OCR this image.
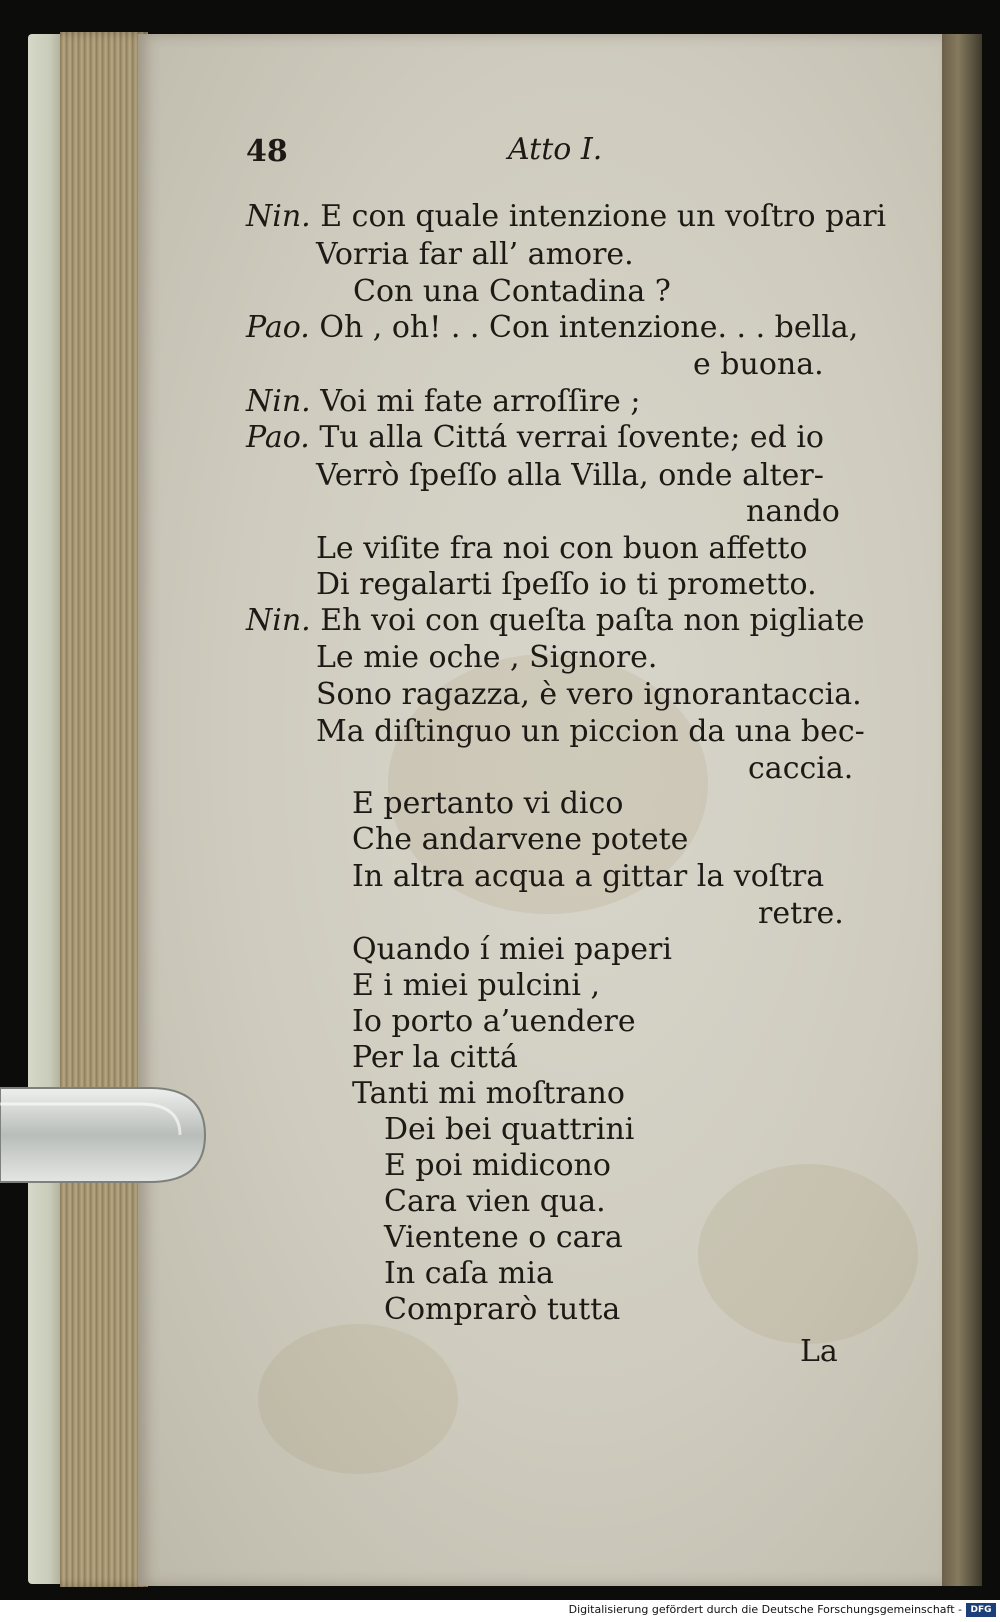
48	Atto I.
Nin. E con quale intenzione un voſtro pari
Vorria far all’ amore.
Con una Contadina ?
Pao. Oh , oh! . . Con intenzione. . . bella,
e buona.
Nin. Voi mi fate arroſſire ;
Pao. Tu alla Cittá verrai ſovente; ed io
Verrò ſpeſſo alla Villa, onde alter-
nando
Le viſite fra noi con buon affetto
Di regalarti ſpeſſo io ti prometto.
Nin. Eh voi con queſta paſta non pigliate
Le mie oche , Signore.
Sono ragazza, è vero ignorantaccia.
Ma diſtinguo un piccion da una bec-
caccia.
E pertanto vi dico
Che andarvene potete
In altra acqua a gittar la voſtra
retre.
Quando í miei paperi
E i miei pulcini ,
Io porto a’uendere
Per la cittá
Tanti mi moſtrano
Dei bei quattrini
E poi midicono
Cara vien qua.
Vientene o cara
In caſa mia
Comprarò tutta
La
Digitalisierung gefördert durch die Deutsche Forschungsgemeinschaft - DFG
